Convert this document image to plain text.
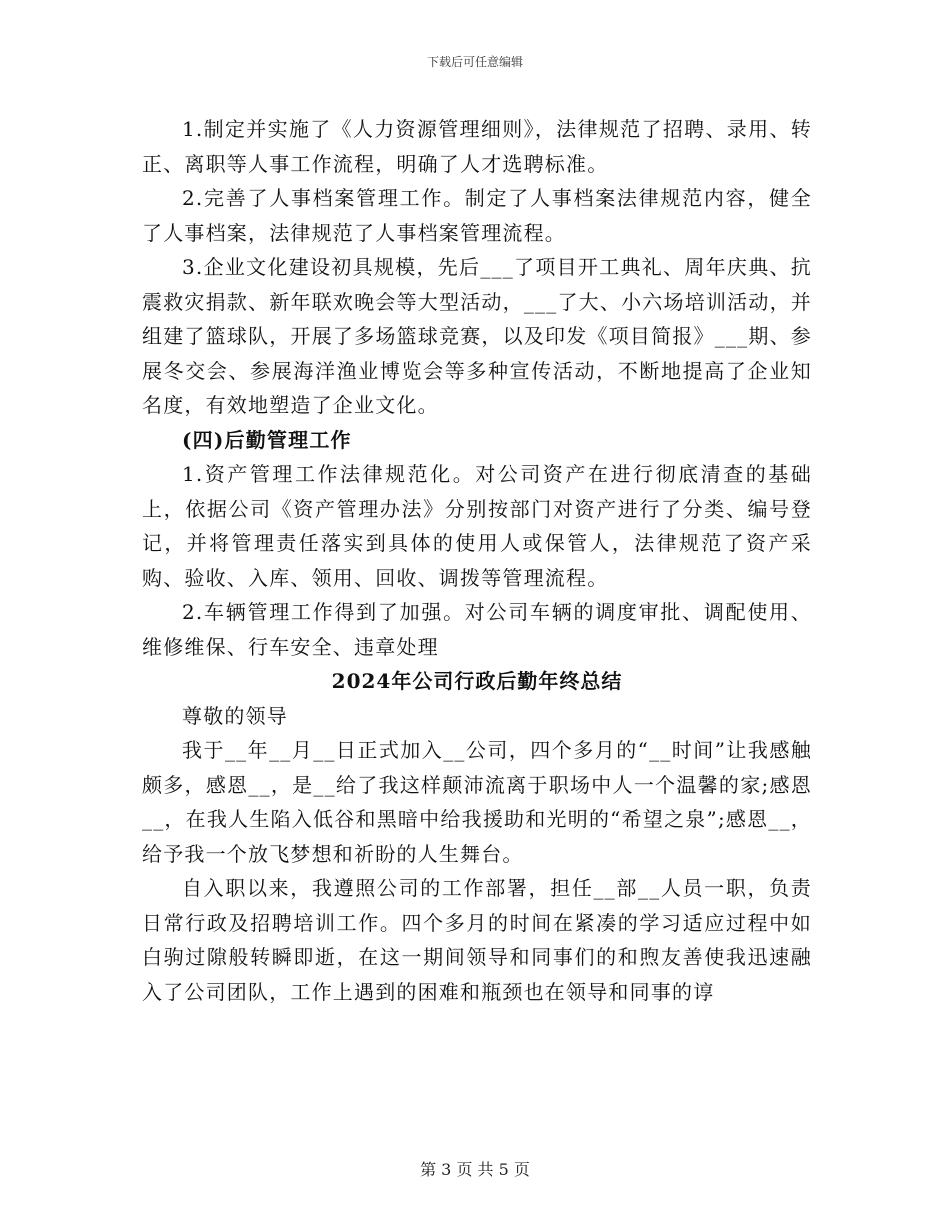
下载后可任意编辑

1.制定并实施了《人力资源管理细则》，法律规范了招聘、录用、转正、离职等人事工作流程，明确了人才选聘标准。

2.完善了人事档案管理工作。制定了人事档案法律规范内容，健全了人事档案，法律规范了人事档案管理流程。

3.企业文化建设初具规模，先后___了项目开工典礼、周年庆典、抗震救灾捐款、新年联欢晚会等大型活动，___了大、小六场培训活动，并组建了篮球队，开展了多场篮球竞赛，以及印发《项目简报》___期、参展冬交会、参展海洋渔业博览会等多种宣传活动，不断地提高了企业知名度，有效地塑造了企业文化。

(四)后勤管理工作

1.资产管理工作法律规范化。对公司资产在进行彻底清查的基础上，依据公司《资产管理办法》分别按部门对资产进行了分类、编号登记，并将管理责任落实到具体的使用人或保管人，法律规范了资产采购、验收、入库、领用、回收、调拨等管理流程。

2.车辆管理工作得到了加强。对公司车辆的调度审批、调配使用、维修维保、行车安全、违章处理

2024年公司行政后勤年终总结

尊敬的领导

我于__年__月__日正式加入__公司，四个多月的“__时间”让我感触颇多，感恩__，是__给了我这样颠沛流离于职场中人一个温馨的家;感恩__，在我人生陷入低谷和黑暗中给我援助和光明的“希望之泉”;感恩__，给予我一个放飞梦想和祈盼的人生舞台。

自入职以来，我遵照公司的工作部署，担任__部__人员一职，负责日常行政及招聘培训工作。四个多月的时间在紧凑的学习适应过程中如白驹过隙般转瞬即逝，在这一期间领导和同事们的和煦友善使我迅速融入了公司团队，工作上遇到的困难和瓶颈也在领导和同事的谆

第 3 页 共 5 页
